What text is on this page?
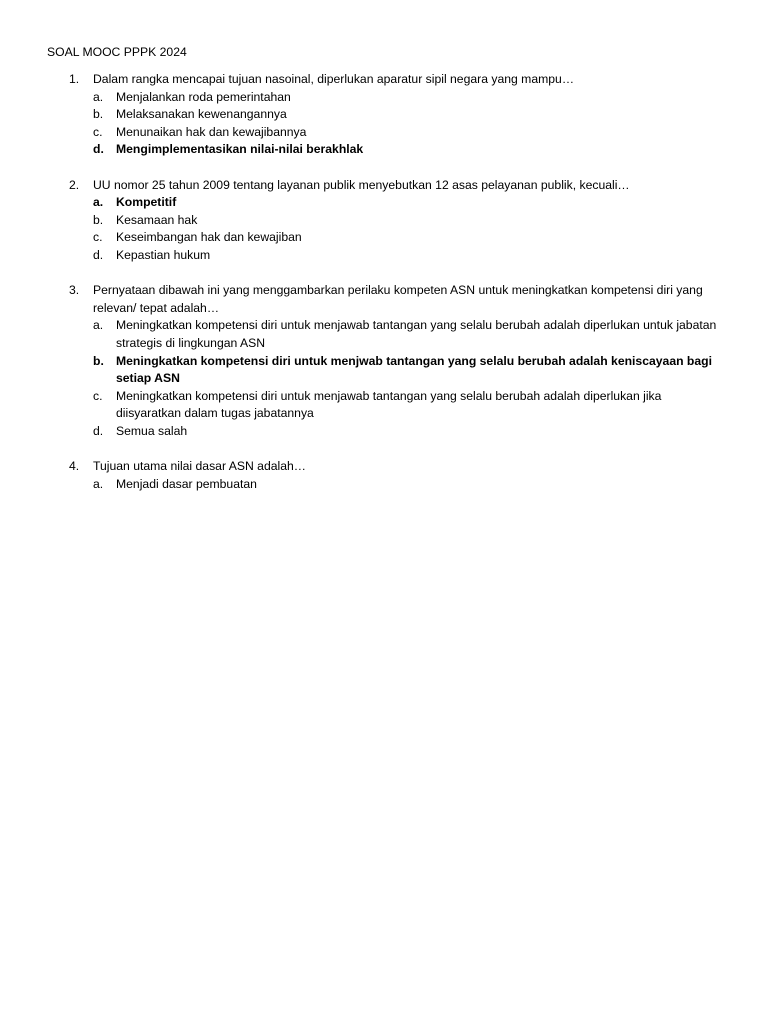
SOAL MOOC PPPK 2024

1. Dalam rangka mencapai tujuan nasoinal, diperlukan aparatur sipil negara yang mampu…
a. Menjalankan roda pemerintahan
b. Melaksanakan kewenangannya
c. Menunaikan hak dan kewajibannya
d. Mengimplementasikan nilai-nilai berakhlak
2. UU nomor 25 tahun 2009 tentang layanan publik menyebutkan 12 asas pelayanan publik, kecuali…
a. Kompetitif
b. Kesamaan hak
c. Keseimbangan hak dan kewajiban
d. Kepastian hukum
3. Pernyataan dibawah ini yang menggambarkan perilaku kompeten ASN untuk meningkatkan kompetensi diri yang relevan/ tepat adalah…
a. Meningkatkan kompetensi diri untuk menjawab tantangan yang selalu berubah adalah diperlukan untuk jabatan strategis di lingkungan ASN
b. Meningkatkan kompetensi diri untuk menjwab tantangan yang selalu berubah adalah keniscayaan bagi setiap ASN
c. Meningkatkan kompetensi diri untuk menjawab tantangan yang selalu berubah adalah diperlukan jika diisyaratkan dalam tugas jabatannya
d. Semua salah
4. Tujuan utama nilai dasar ASN adalah…
a. Menjadi dasar pembuatan
